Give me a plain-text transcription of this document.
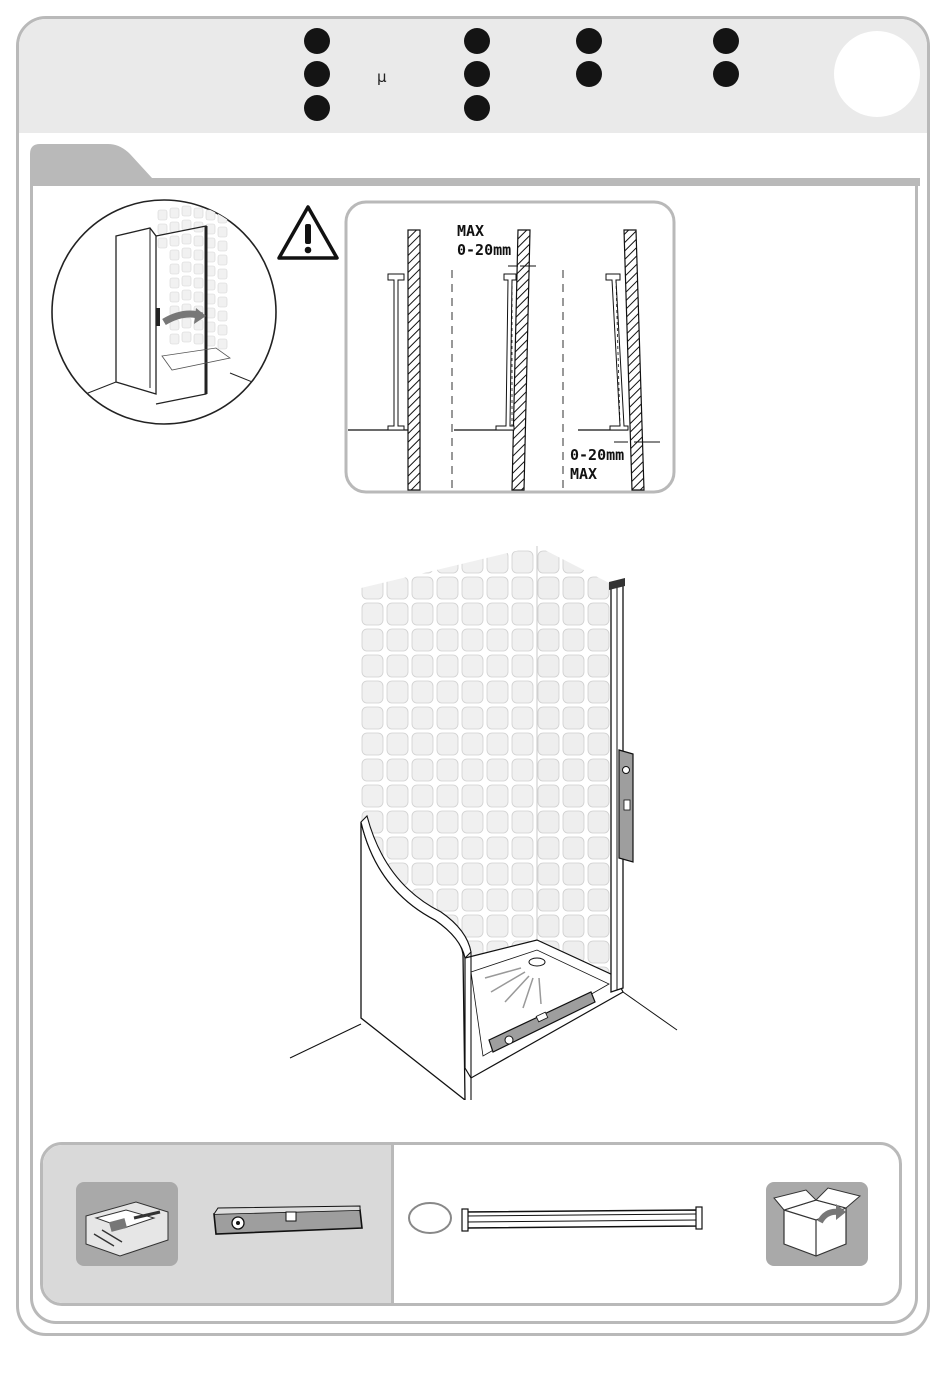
µ
MAX
0-20mm
0-20mm
MAX
